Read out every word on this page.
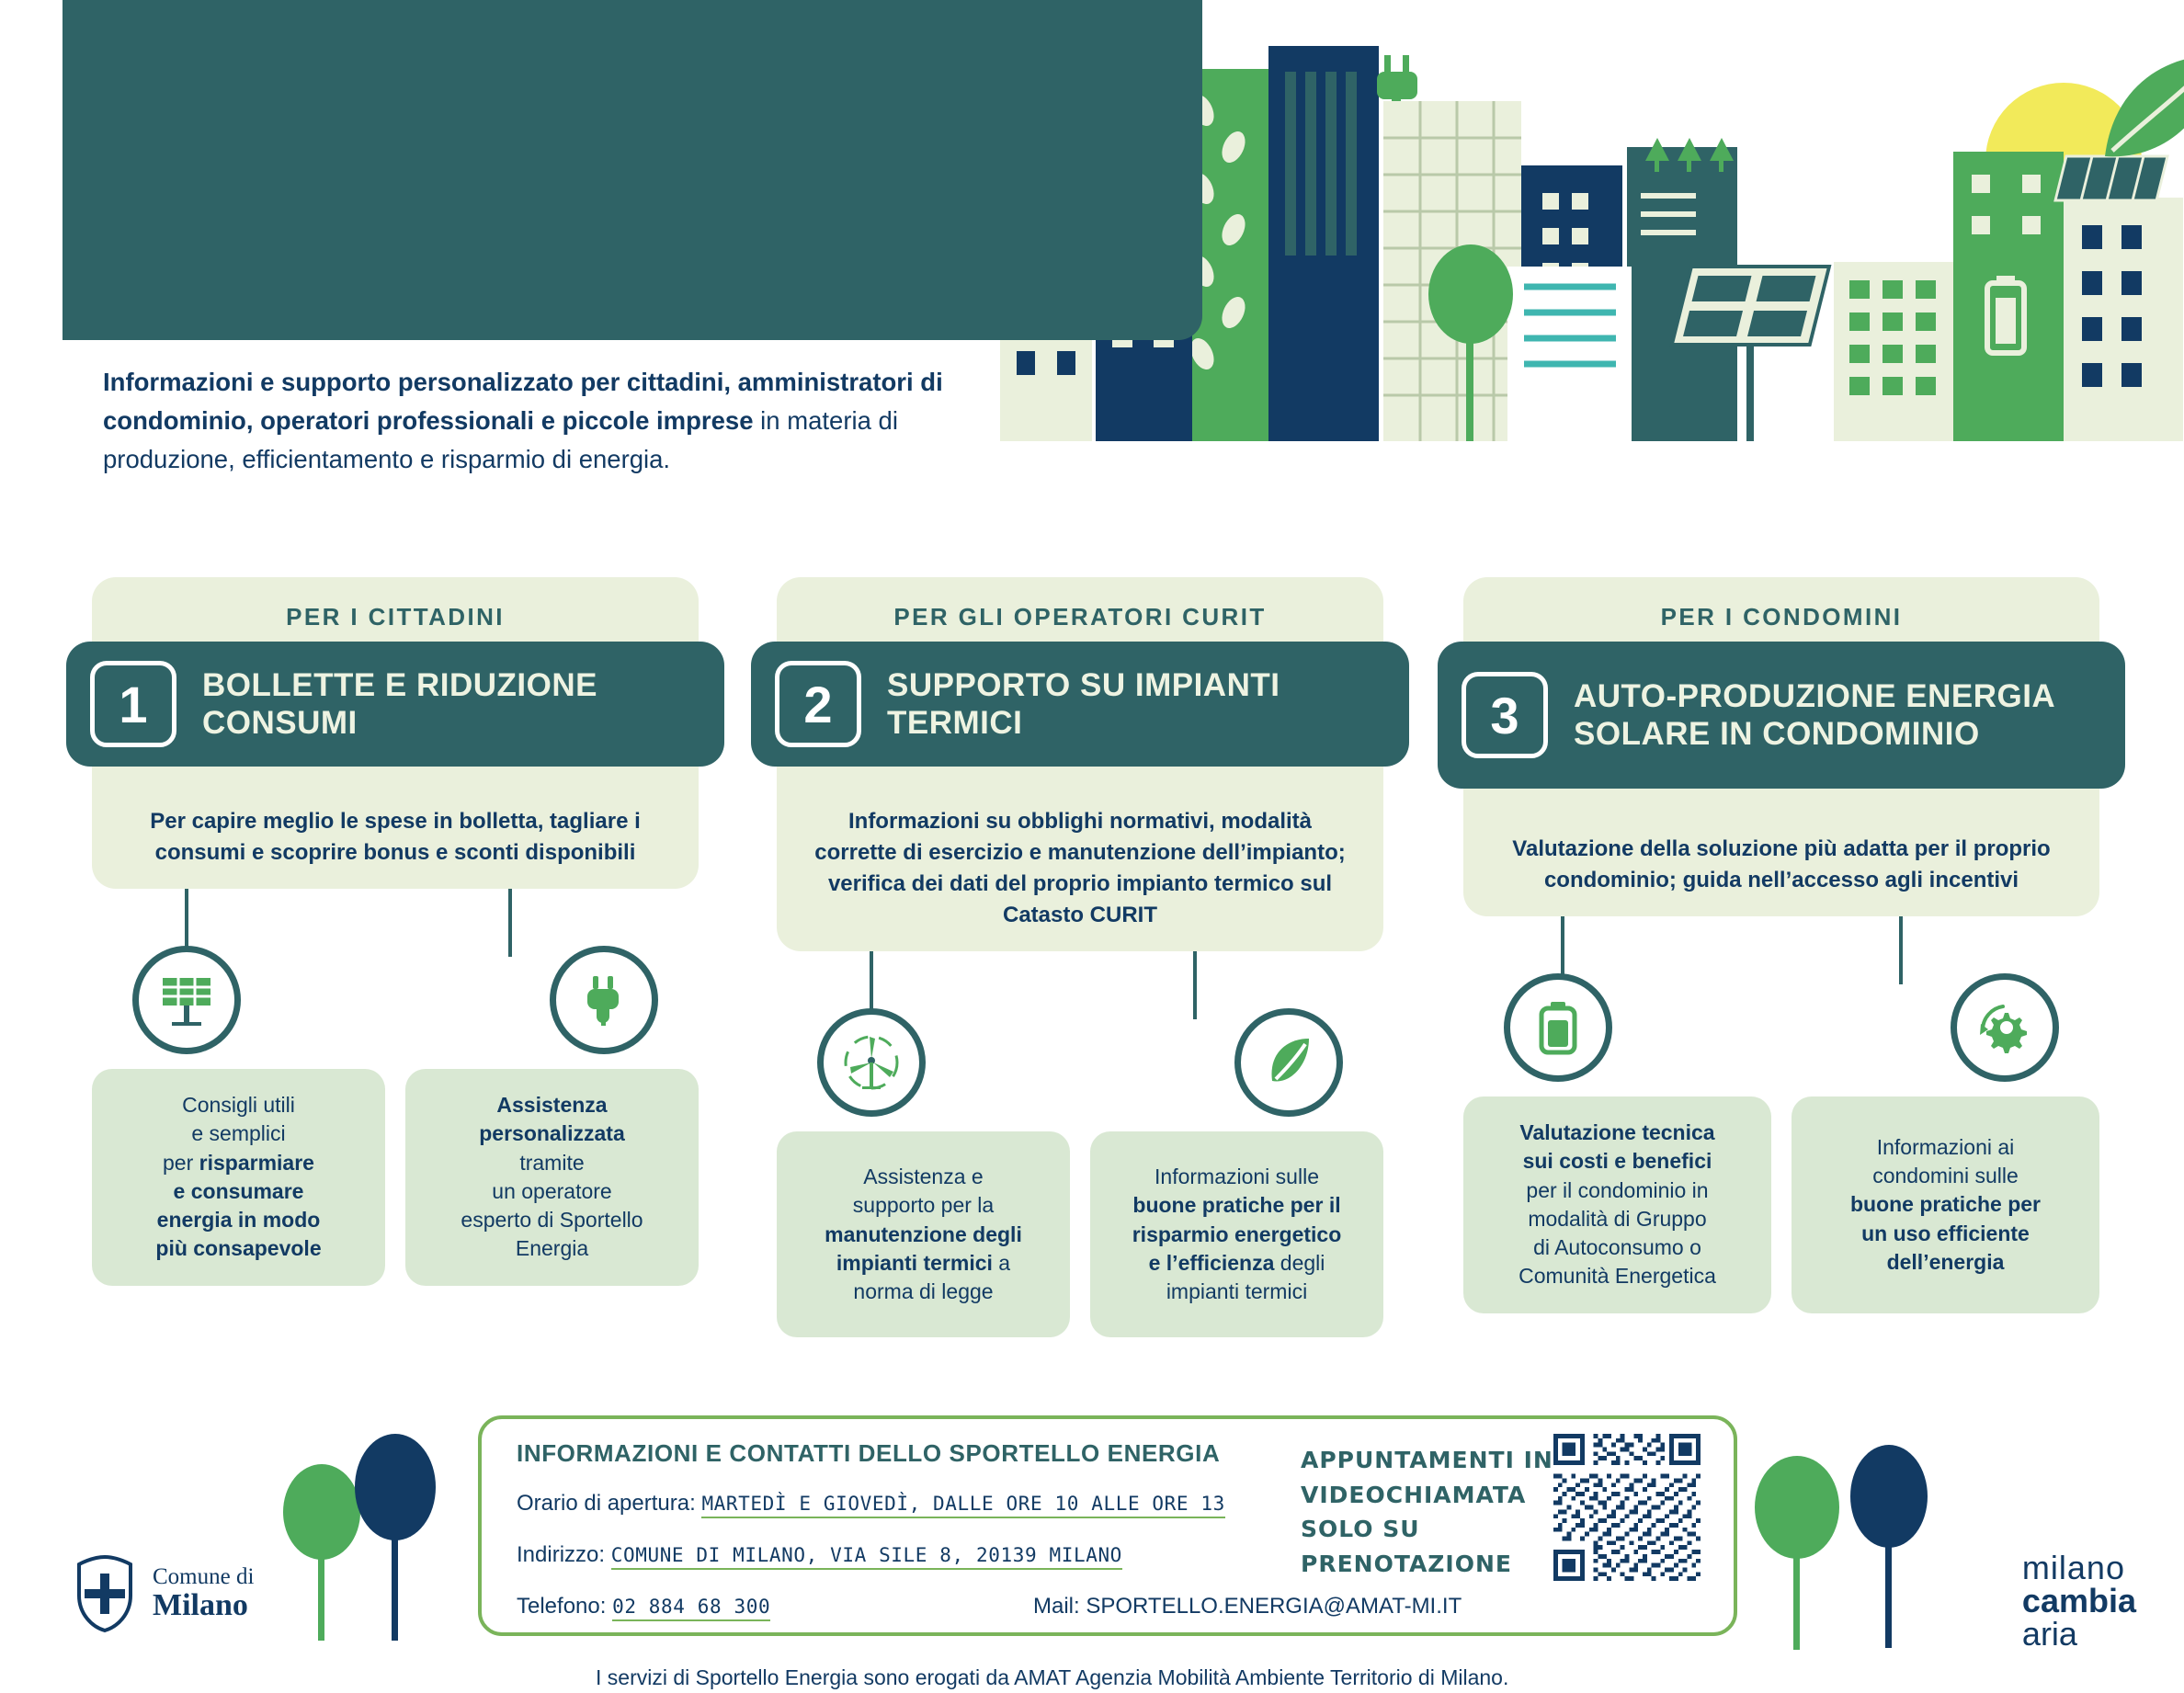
Informazioni e supporto personalizzato per cittadini, amministratori di condominio, operatori professionali e piccole imprese in materia di produzione, efficientamento e risparmio di energia.
PER I CITTADINI
1	BOLLETTE E RIDUZIONE CONSUMI
Per capire meglio le spese in bolletta, tagliare i consumi e scoprire bonus e sconti disponibili
Consigli utili
e semplici
per risparmiare
e consumare
energia in modo
più consapevole
Assistenza
personalizzata
tramite
un operatore
esperto di Sportello
Energia
PER GLI OPERATORI CURIT
2	SUPPORTO SU IMPIANTI TERMICI
Informazioni su obblighi normativi, modalità corrette di esercizio e manutenzione dell’impianto; verifica dei dati del proprio impianto termico sul Catasto CURIT
Assistenza e
supporto per la
manutenzione degli
impianti termici a
norma di legge
Informazioni sulle
buone pratiche per il
risparmio energetico
e l’efficienza degli
impianti termici
PER I CONDOMINI
3	AUTO-PRODUZIONE ENERGIA SOLARE IN CONDOMINIO
Valutazione della soluzione più adatta per il proprio condominio; guida nell’accesso agli incentivi
Valutazione tecnica
sui costi e benefici
per il condominio in
modalità di Gruppo
di Autoconsumo o
Comunità Energetica
Informazioni ai
condomini sulle
buone pratiche per
un uso efficiente
dell’energia
INFORMAZIONI E CONTATTI DELLO SPORTELLO ENERGIA
Orario di apertura: MARTEDÌ E GIOVEDÌ, DALLE ORE 10 ALLE ORE 13
Indirizzo: COMUNE DI MILANO, VIA SILE 8, 20139 MILANO
Telefono: 02 884 68 300	Mail: SPORTELLO.ENERGIA@AMAT-MI.IT
APPUNTAMENTI IN VIDEOCHIAMATA SOLO SU PRENOTAZIONE
Comune di
Milano
milano
cambia
aria
I servizi di Sportello Energia sono erogati da AMAT Agenzia Mobilità Ambiente Territorio di Milano.
